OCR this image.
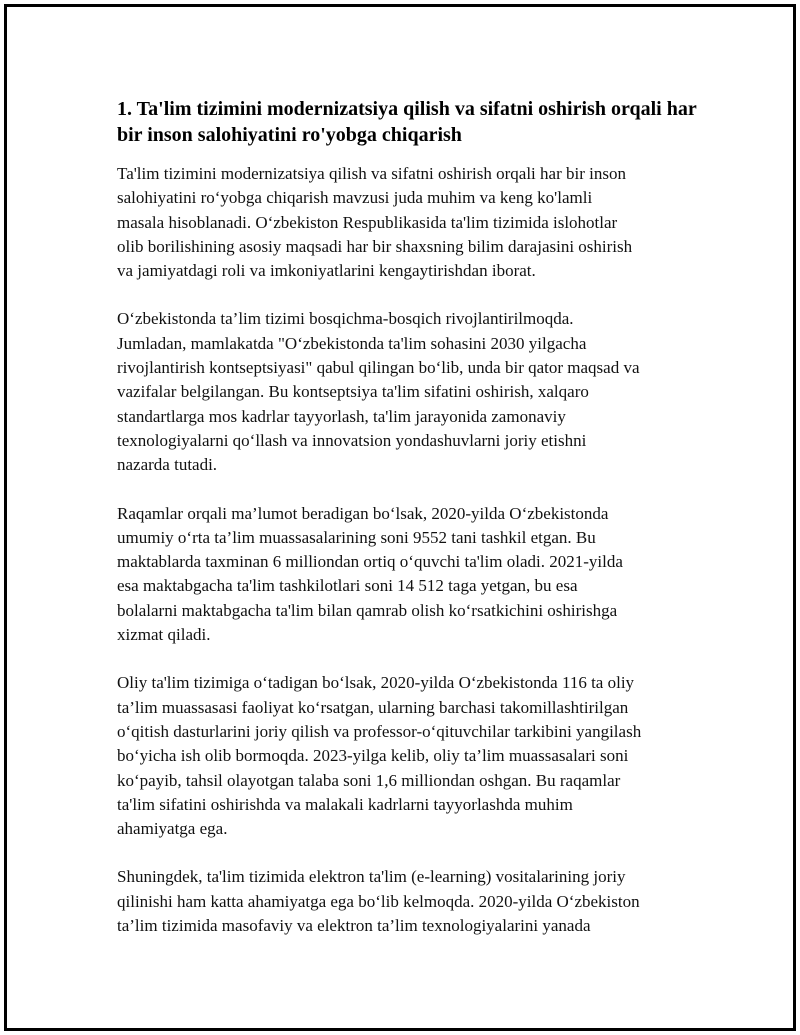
1. Ta'lim tizimini modernizatsiya qilish va sifatni oshirish orqali har bir inson salohiyatini ro'yobga chiqarish

Ta'lim tizimini modernizatsiya qilish va sifatni oshirish orqali har bir inson
salohiyatini ro‘yobga chiqarish mavzusi juda muhim va keng ko'lamli
masala hisoblanadi. O‘zbekiston Respublikasida ta'lim tizimida islohotlar
olib borilishining asosiy maqsadi har bir shaxsning bilim darajasini oshirish
va jamiyatdagi roli va imkoniyatlarini kengaytirishdan iborat.

O‘zbekistonda ta’lim tizimi bosqichma-bosqich rivojlantirilmoqda.
Jumladan, mamlakatda "O‘zbekistonda ta'lim sohasini 2030 yilgacha
rivojlantirish kontseptsiyasi" qabul qilingan bo‘lib, unda bir qator maqsad va
vazifalar belgilangan. Bu kontseptsiya ta'lim sifatini oshirish, xalqaro
standartlarga mos kadrlar tayyorlash, ta'lim jarayonida zamonaviy
texnologiyalarni qo‘llash va innovatsion yondashuvlarni joriy etishni
nazarda tutadi.

Raqamlar orqali ma’lumot beradigan bo‘lsak, 2020-yilda O‘zbekistonda
umumiy o‘rta ta’lim muassasalarining soni 9552 tani tashkil etgan. Bu
maktablarda taxminan 6 milliondan ortiq o‘quvchi ta'lim oladi. 2021-yilda
esa maktabgacha ta'lim tashkilotlari soni 14 512 taga yetgan, bu esa
bolalarni maktabgacha ta'lim bilan qamrab olish ko‘rsatkichini oshirishga
xizmat qiladi.

Oliy ta'lim tizimiga o‘tadigan bo‘lsak, 2020-yilda O‘zbekistonda 116 ta oliy
ta’lim muassasasi faoliyat ko‘rsatgan, ularning barchasi takomillashtirilgan
o‘qitish dasturlarini joriy qilish va professor-o‘qituvchilar tarkibini yangilash
bo‘yicha ish olib bormoqda. 2023-yilga kelib, oliy ta’lim muassasalari soni
ko‘payib, tahsil olayotgan talaba soni 1,6 milliondan oshgan. Bu raqamlar
ta'lim sifatini oshirishda va malakali kadrlarni tayyorlashda muhim
ahamiyatga ega.

Shuningdek, ta'lim tizimida elektron ta'lim (e-learning) vositalarining joriy
qilinishi ham katta ahamiyatga ega bo‘lib kelmoqda. 2020-yilda O‘zbekiston
ta’lim tizimida masofaviy va elektron ta’lim texnologiyalarini yanada
